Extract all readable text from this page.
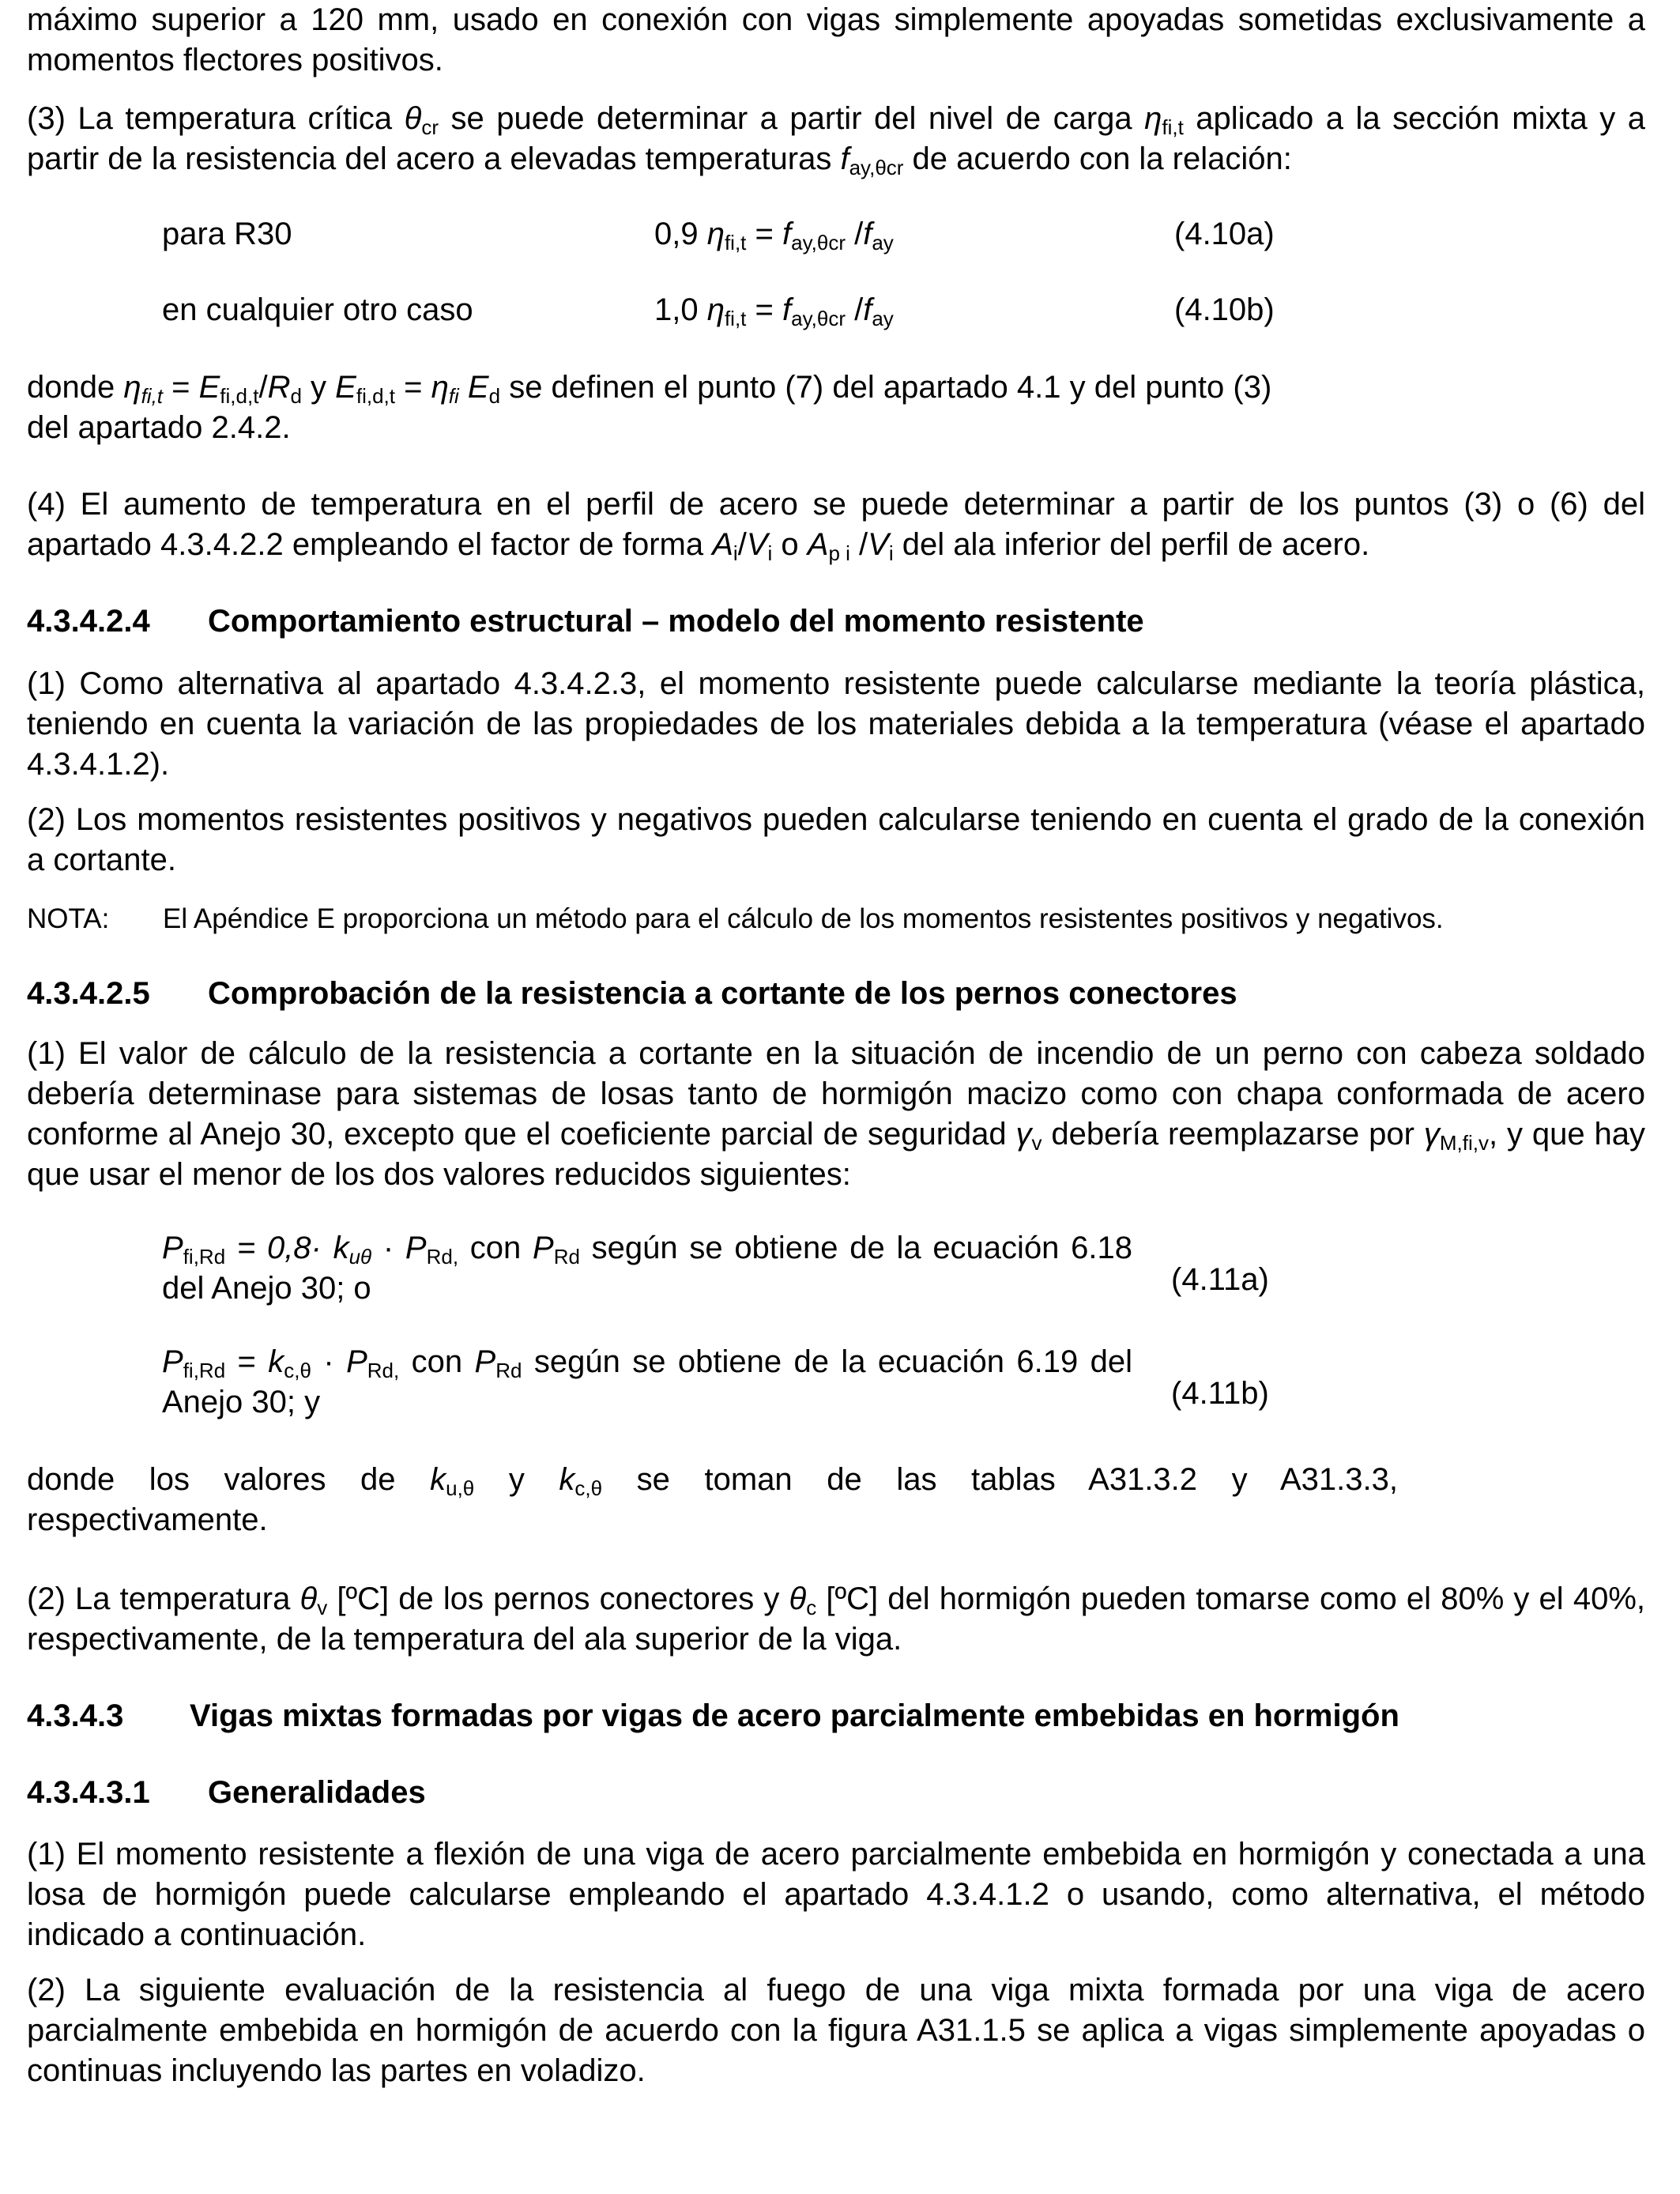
máximo superior a 120 mm, usado en conexión con vigas simplemente apoyadas sometidas exclusivamente a momentos flectores positivos.
(3) La temperatura crítica $\theta_{cr}$ se puede determinar a partir del nivel de carga $\eta_{fi,t}$ aplicado a la sección mixta y a partir de la resistencia del acero a elevadas temperaturas $f_{ay,\theta cr}$ de acuerdo con la relación:
para R30	0,9 $\eta_{fi,t} = f_{ay,\theta cr}$ $/f_{ay}$	(4.10a)
en cualquier otro caso	1,0 $\eta_{fi,t} = f_{ay,\theta cr}$ $/f_{ay}$	(4.10b)
donde $\eta_{fi,t} = E_{fi,d,t}/R_d$ y $E_{fi,d,t} = \eta_{fi}$ $E_d$ se definen el punto (7) del apartado 4.1 y del punto (3)
del apartado 2.4.2.
(4) El aumento de temperatura en el perfil de acero se puede determinar a partir de los puntos (3) o (6) del apartado 4.3.4.2.2 empleando el factor de forma $A_i/V_i$ o $A_{p i}$ $/V_i$ del ala inferior del perfil de acero.
4.3.4.2.4 Comportamiento estructural – modelo del momento resistente
(1) Como alternativa al apartado 4.3.4.2.3, el momento resistente puede calcularse mediante la teoría plástica, teniendo en cuenta la variación de las propiedades de los materiales debida a la temperatura (véase el apartado 4.3.4.1.2).
(2) Los momentos resistentes positivos y negativos pueden calcularse teniendo en cuenta el grado de la conexión a cortante.
NOTA: El Apéndice E proporciona un método para el cálculo de los momentos resistentes positivos y negativos.
4.3.4.2.5 Comprobación de la resistencia a cortante de los pernos conectores
(1) El valor de cálculo de la resistencia a cortante en la situación de incendio de un perno con cabeza soldado debería determinase para sistemas de losas tanto de hormigón macizo como con chapa conformada de acero conforme al Anejo 30, excepto que el coeficiente parcial de seguridad $\gamma_v$ debería reemplazarse por $\gamma_{M,fi,v}$, y que hay que usar el menor de los dos valores reducidos siguientes:
$P_{fi,Rd} = 0,8\cdot k_{u\theta} \cdot P_{Rd,}$ con $P_{Rd}$ según se obtiene de la ecuación 6.18 del Anejo 30; o	(4.11a)
$P_{fi,Rd} = k_{c,\theta} \cdot P_{Rd,}$ con $P_{Rd}$ según se obtiene de la ecuación 6.19 del Anejo 30; y	(4.11b)
donde los valores de $k_{u,\theta}$ y $k_{c,\theta}$ se toman de las tablas A31.3.2 y A31.3.3,
respectivamente.
(2) La temperatura $\theta_v$ [ºC] de los pernos conectores y $\theta_c$ [ºC] del hormigón pueden tomarse como el 80% y el 40%, respectivamente, de la temperatura del ala superior de la viga.
4.3.4.3 Vigas mixtas formadas por vigas de acero parcialmente embebidas en hormigón
4.3.4.3.1 Generalidades
(1) El momento resistente a flexión de una viga de acero parcialmente embebida en hormigón y conectada a una losa de hormigón puede calcularse empleando el apartado 4.3.4.1.2 o usando, como alternativa, el método indicado a continuación.
(2) La siguiente evaluación de la resistencia al fuego de una viga mixta formada por una viga de acero parcialmente embebida en hormigón de acuerdo con la figura A31.1.5 se aplica a vigas simplemente apoyadas o continuas incluyendo las partes en voladizo.
